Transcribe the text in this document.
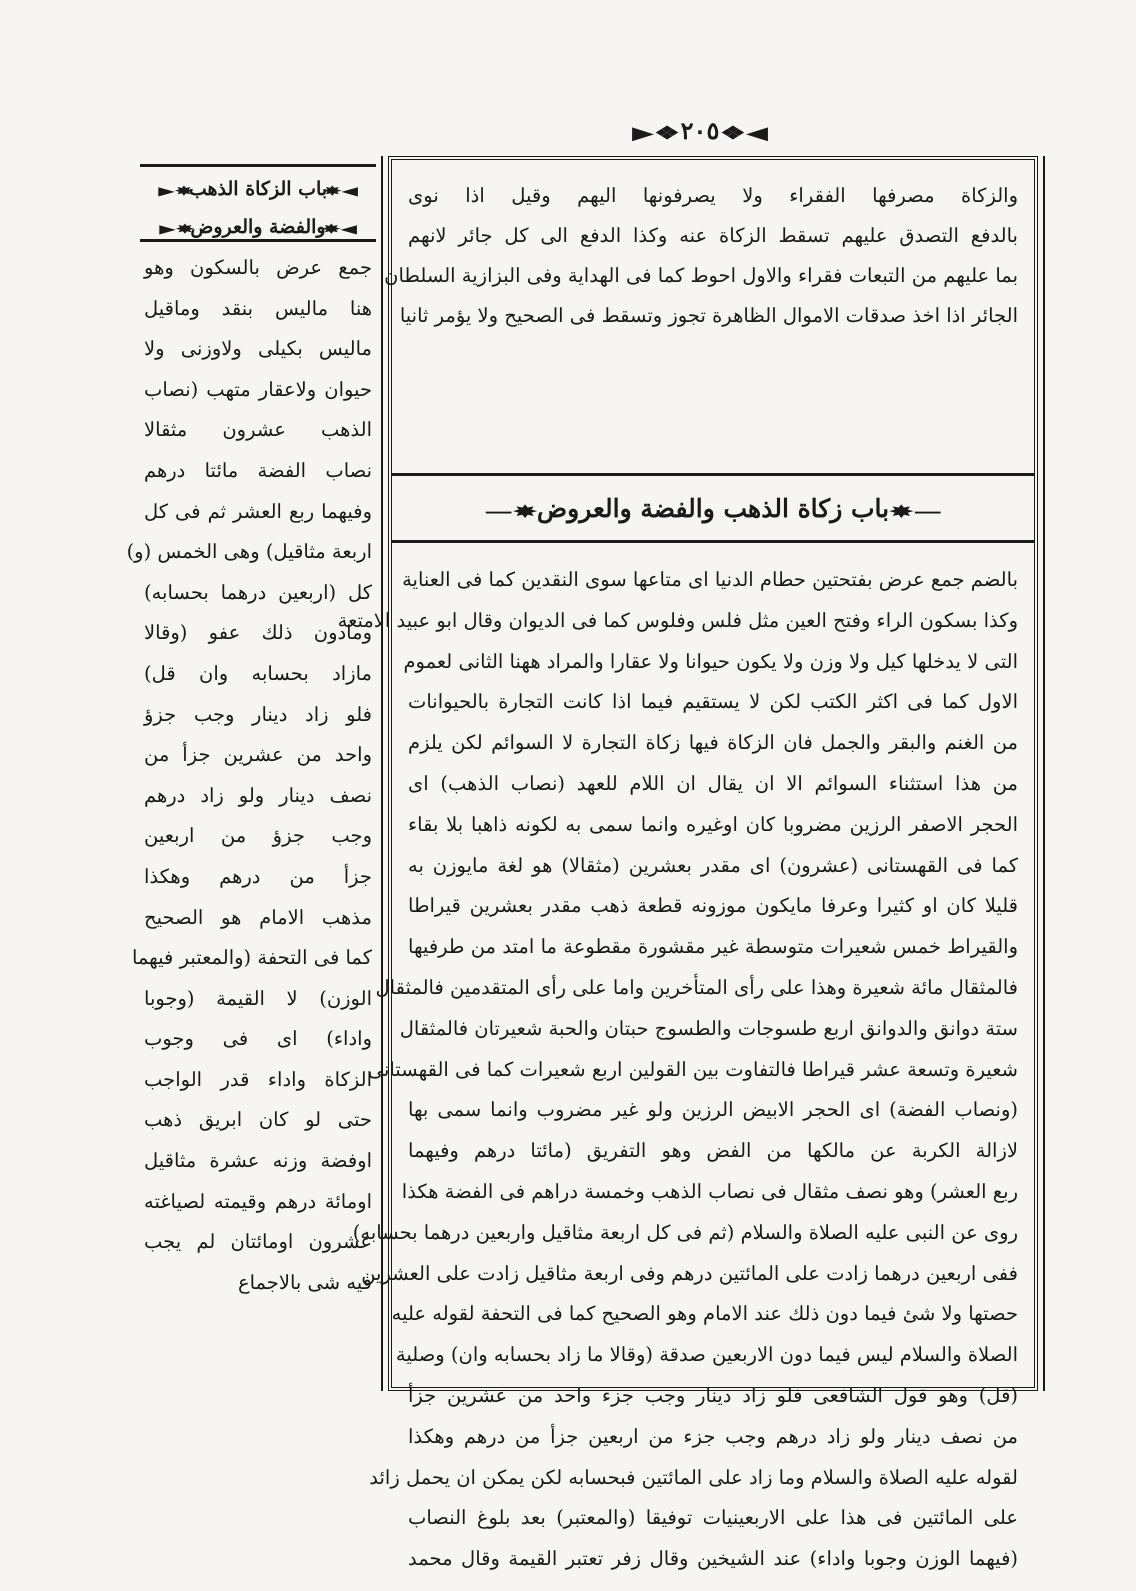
◀❖٢٠٥❖▶
والزكاة مصرفها الفقراء ولا يصرفونها اليهم وقيل اذا نوى
بالدفع التصدق عليهم تسقط الزكاة عنه وكذا الدفع الى كل جائر لانهم
بما عليهم من التبعات فقراء والاول احوط كما فى الهداية وفى البزازية السلطان
الجائر اذا اخذ صدقات الاموال الظاهرة تجوز وتسقط فى الصحيح ولا يؤمر ثانيا
—✸باب زكاة الذهب والفضة والعروض✸—
بالضم جمع عرض بفتحتين حطام الدنيا اى متاعها سوى النقدين كما فى العناية
وكذا بسكون الراء وفتح العين مثل فلس وفلوس كما فى الديوان وقال ابو عبيد الامتعة
التى لا يدخلها كيل ولا وزن ولا يكون حيوانا ولا عقارا والمراد ههنا الثانى لعموم
الاول كما فى اكثر الكتب لكن لا يستقيم فيما اذا كانت التجارة بالحيوانات
من الغنم والبقر والجمل فان الزكاة فيها زكاة التجارة لا السوائم لكن يلزم
من هذا استثناء السوائم الا ان يقال ان اللام للعهد (نصاب الذهب) اى
الحجر الاصفر الرزين مضروبا كان اوغيره وانما سمى به لكونه ذاهبا بلا بقاء
كما فى القهستانى (عشرون) اى مقدر بعشرين (مثقالا) هو لغة مايوزن به
قليلا كان او كثيرا وعرفا مايكون موزونه قطعة ذهب مقدر بعشرين قيراطا
والقيراط خمس شعيرات متوسطة غير مقشورة مقطوعة ما امتد من طرفيها
فالمثقال مائة شعيرة وهذا على رأى المتأخرين واما على رأى المتقدمين فالمثقال
ستة دوانق والدوانق اربع طسوجات والطسوج حبتان والحبة شعيرتان فالمثقال
شعيرة وتسعة عشر قيراطا فالتفاوت بين القولين اربع شعيرات كما فى القهستانى
(ونصاب الفضة) اى الحجر الابيض الرزين ولو غير مضروب وانما سمى بها
لازالة الكربة عن مالكها من الفض وهو التفريق (مائتا درهم وفيهما
ربع العشر) وهو نصف مثقال فى نصاب الذهب وخمسة دراهم فى الفضة هكذا
روى عن النبى عليه الصلاة والسلام (ثم فى كل اربعة مثاقيل واربعين درهما بحسابه)
ففى اربعين درهما زادت على المائتين درهم وفى اربعة مثاقيل زادت على العشرين
حصتها ولا شئ فيما دون ذلك عند الامام وهو الصحيح كما فى التحفة لقوله عليه
الصلاة والسلام ليس فيما دون الاربعين صدقة (وقالا ما زاد بحسابه وان) وصلية
(قل) وهو قول الشافعى فلو زاد دينار وجب جزء واحد من عشرين جزأ
من نصف دينار ولو زاد درهم وجب جزء من اربعين جزأ من درهم وهكذا
لقوله عليه الصلاة والسلام وما زاد على المائتين فبحسابه لكن يمكن ان يحمل زائد
على المائتين فى هذا على الاربعينيات توفيقا (والمعتبر) بعد بلوغ النصاب
(فيهما الوزن وجوبا واداء) عند الشيخين وقال زفر تعتبر القيمة وقال محمد
◀✸باب الزكاة الذهب✸▶
◀✸والفضة والعروض✸▶
جمع عرض بالسكون وهو
هنا ماليس بنقد وماقيل
ماليس بكيلى ولاوزنى ولا
حيوان ولاعقار متهب (نصاب
الذهب عشرون مثقالا
نصاب الفضة مائتا درهم
وفيهما ربع العشر ثم فى كل
اربعة مثاقيل) وهى الخمس (و)
كل (اربعين درهما بحسابه)
ومادون ذلك عفو (وقالا
مازاد بحسابه وان قل)
فلو زاد دينار وجب جزؤ
واحد من عشرين جزأ من
نصف دينار ولو زاد درهم
وجب جزؤ من اربعين
جزأ من درهم وهكذا
مذهب الامام هو الصحيح
كما فى التحفة (والمعتبر فيهما
الوزن) لا القيمة (وجوبا
واداء) اى فى وجوب
الزكاة واداء قدر الواجب
حتى لو كان ابريق ذهب
اوفضة وزنه عشرة مثاقيل
اومائة درهم وقيمته لصياغته
عشرون اومائتان لم يجب
فيه شى بالاجماع
